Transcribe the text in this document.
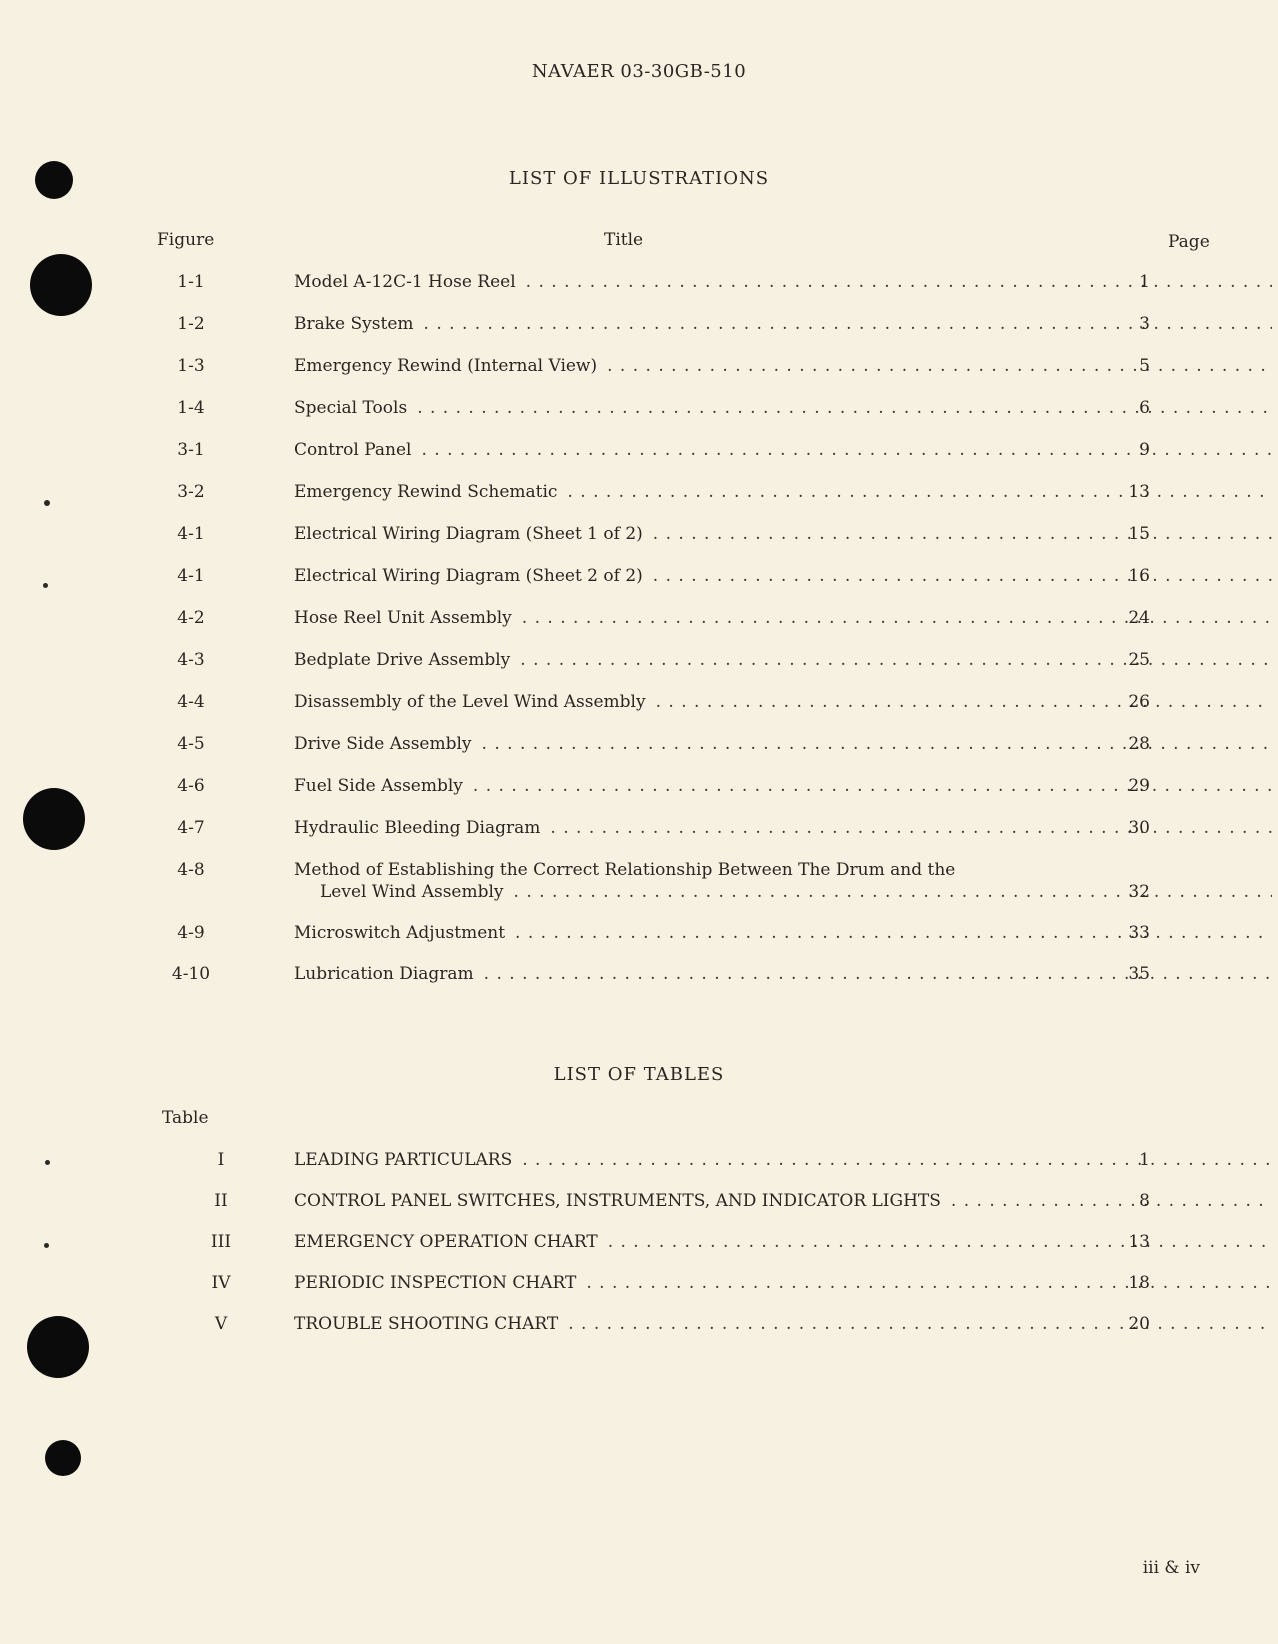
NAVAER 03-30GB-510
LIST OF ILLUSTRATIONS
Figure	Title	Page
1-1	Model A-12C-1 Hose Reel . . .	1
1-2	Brake System . . .	3
1-3	Emergency Rewind (Internal View) . . .	5
1-4	Special Tools . . .	6
3-1	Control Panel . . .	9
3-2	Emergency Rewind Schematic . . .	13
4-1	Electrical Wiring Diagram (Sheet 1 of 2) . . .	15
4-1	Electrical Wiring Diagram (Sheet 2 of 2) . . .	16
4-2	Hose Reel Unit Assembly . . .	24
4-3	Bedplate Drive Assembly . . .	25
4-4	Disassembly of the Level Wind Assembly . . .	26
4-5	Drive Side Assembly . . .	28
4-6	Fuel Side Assembly . . .	29
4-7	Hydraulic Bleeding Diagram . . .	30
4-8	Method of Establishing the Correct Relationship Between The Drum and the
Level Wind Assembly . . .	32
4-9	Microswitch Adjustment . . .	33
4-10	Lubrication Diagram . . .	35
LIST OF TABLES
Table
I	LEADING PARTICULARS . . .	1
II	CONTROL PANEL SWITCHES, INSTRUMENTS, AND INDICATOR LIGHTS . . .	8
III	EMERGENCY OPERATION CHART . . .	13
IV	PERIODIC INSPECTION CHART . . .	18
V	TROUBLE SHOOTING CHART . . .	20
iii & iv
